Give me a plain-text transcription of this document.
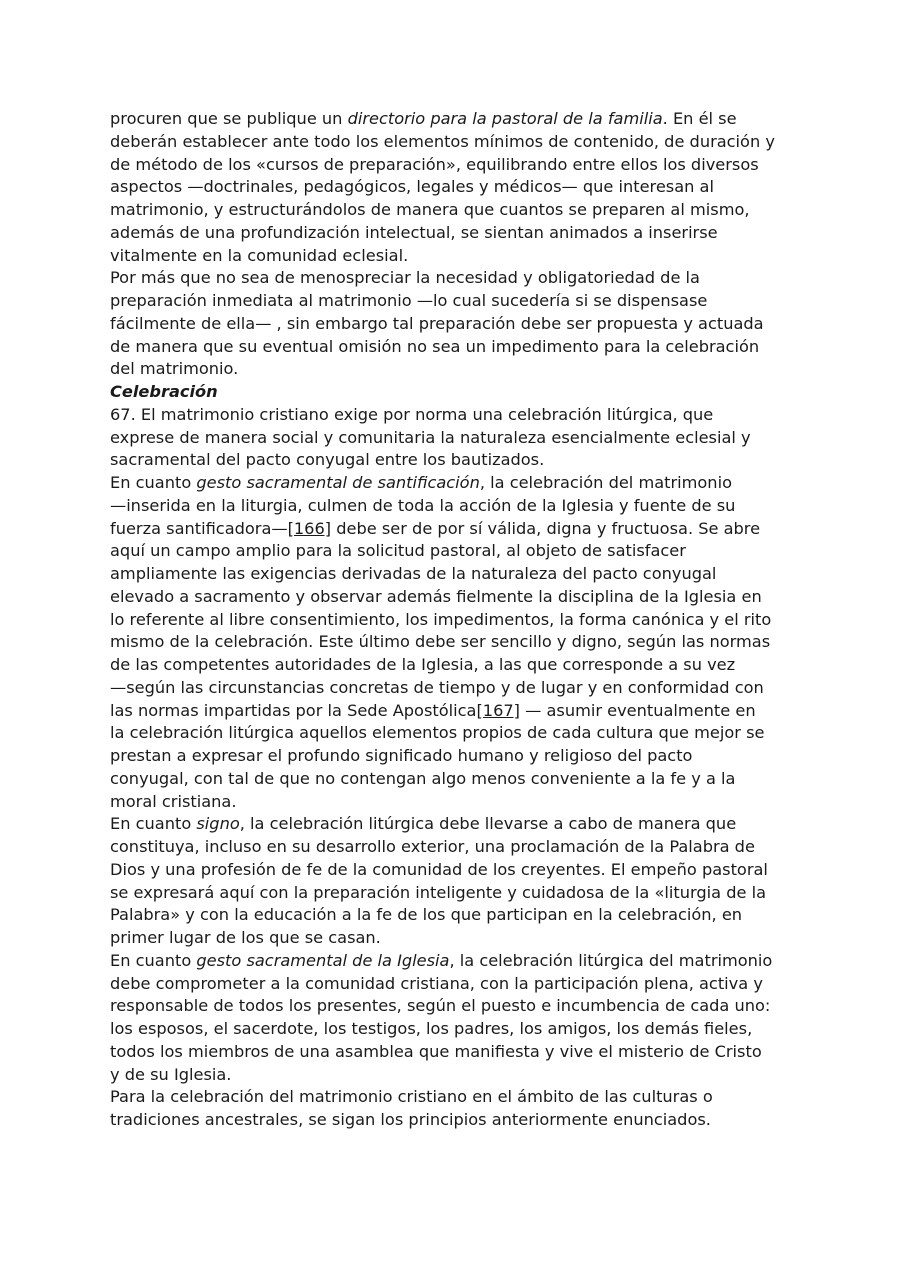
procuren que se publique un directorio para la pastoral de la familia. En él se
deberán establecer ante todo los elementos mínimos de contenido, de duración y
de método de los «cursos de preparación», equilibrando entre ellos los diversos
aspectos —doctrinales, pedagógicos, legales y médicos— que interesan al
matrimonio, y estructurándolos de manera que cuantos se preparen al mismo,
además de una profundización intelectual, se sientan animados a inserirse
vitalmente en la comunidad eclesial.
Por más que no sea de menospreciar la necesidad y obligatoriedad de la
preparación inmediata al matrimonio —lo cual sucedería si se dispensase
fácilmente de ella— , sin embargo tal preparación debe ser propuesta y actuada
de manera que su eventual omisión no sea un impedimento para la celebración
del matrimonio.
Celebración
67. El matrimonio cristiano exige por norma una celebración litúrgica, que
exprese de manera social y comunitaria la naturaleza esencialmente eclesial y
sacramental del pacto conyugal entre los bautizados.
En cuanto gesto sacramental de santificación, la celebración del matrimonio
—inserida en la liturgia, culmen de toda la acción de la Iglesia y fuente de su
fuerza santificadora—[166] debe ser de por sí válida, digna y fructuosa. Se abre
aquí un campo amplio para la solicitud pastoral, al objeto de satisfacer
ampliamente las exigencias derivadas de la naturaleza del pacto conyugal
elevado a sacramento y observar además fielmente la disciplina de la Iglesia en
lo referente al libre consentimiento, los impedimentos, la forma canónica y el rito
mismo de la celebración. Este último debe ser sencillo y digno, según las normas
de las competentes autoridades de la Iglesia, a las que corresponde a su vez
—según las circunstancias concretas de tiempo y de lugar y en conformidad con
las normas impartidas por la Sede Apostólica[167] — asumir eventualmente en
la celebración litúrgica aquellos elementos propios de cada cultura que mejor se
prestan a expresar el profundo significado humano y religioso del pacto
conyugal, con tal de que no contengan algo menos conveniente a la fe y a la
moral cristiana.
En cuanto signo, la celebración litúrgica debe llevarse a cabo de manera que
constituya, incluso en su desarrollo exterior, una proclamación de la Palabra de
Dios y una profesión de fe de la comunidad de los creyentes. El empeño pastoral
se expresará aquí con la preparación inteligente y cuidadosa de la «liturgia de la
Palabra» y con la educación a la fe de los que participan en la celebración, en
primer lugar de los que se casan.
En cuanto gesto sacramental de la Iglesia, la celebración litúrgica del matrimonio
debe comprometer a la comunidad cristiana, con la participación plena, activa y
responsable de todos los presentes, según el puesto e incumbencia de cada uno:
los esposos, el sacerdote, los testigos, los padres, los amigos, los demás fieles,
todos los miembros de una asamblea que manifiesta y vive el misterio de Cristo
y de su Iglesia.
Para la celebración del matrimonio cristiano en el ámbito de las culturas o
tradiciones ancestrales, se sigan los principios anteriormente enunciados.
